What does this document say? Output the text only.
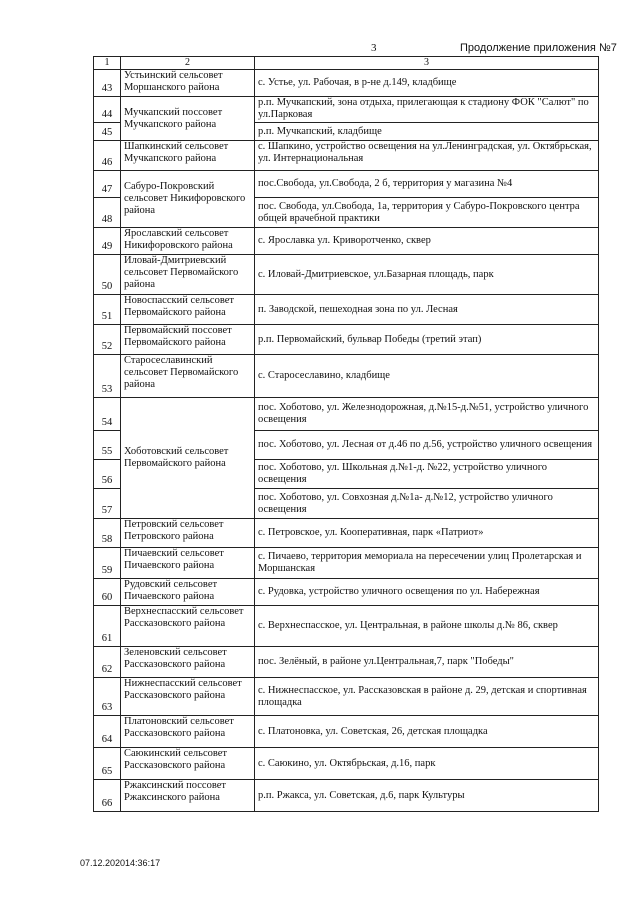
3	Продолжение приложения №7
1	2	3
43	Устьинский сельсовет Моршанского района	с. Устье, ул. Рабочая, в р-не д.149, кладбище
44	Мучкапский поссовет Мучкапского района	р.п. Мучкапский, зона отдыха, прилегающая к стадиону ФОК "Салют" по ул.Парковая
45		р.п. Мучкапский, кладбище
46	Шапкинский сельсовет Мучкапского района	с. Шапкино, устройство освещения на ул.Ленинградская, ул. Октябрьская, ул. Интернациональная
47	Сабуро-Покровский сельсовет Никифоровского района	пос.Свобода, ул.Свобода, 2 б, территория у магазина №4
48		пос. Свобода, ул.Свобода, 1а, территория у Сабуро-Покровского центра общей врачебной практики
49	Ярославский сельсовет Никифоровского района	с. Ярославка ул. Криворотченко, сквер
50	Иловай-Дмитриевский сельсовет Первомайского района	с. Иловай-Дмитриевское, ул.Базарная площадь, парк
51	Новоспасский сельсовет Первомайского района	п. Заводской, пешеходная зона по ул. Лесная
52	Первомайский поссовет Первомайского района	р.п. Первомайский, бульвар Победы (третий этап)
53	Старосеславинский сельсовет Первомайского района	с. Старосеславино, кладбище
54	Хоботовский сельсовет Первомайского района	пос. Хоботово, ул. Железнодорожная, д.№15-д.№51, устройство уличного освещения
55		пос. Хоботово, ул. Лесная от д.46 по д.56, устройство уличного освещения
56		пос. Хоботово, ул. Школьная д.№1-д. №22, устройство уличного освещения
57		пос. Хоботово, ул. Совхозная д.№1а- д.№12, устройство уличного освещения
58	Петровский сельсовет Петровского района	с. Петровское, ул. Кооперативная, парк «Патриот»
59	Пичаевский сельсовет Пичаевского района	с. Пичаево, территория мемориала на пересечении улиц Пролетарская и Моршанская
60	Рудовский сельсовет Пичаевского района	с. Рудовка, устройство уличного освещения по ул. Набережная
61	Верхнеспасский сельсовет Рассказовского района	с. Верхнеспасское, ул. Центральная, в районе школы д.№ 86, сквер
62	Зеленовский сельсовет Рассказовского района	пос. Зелёный, в районе ул.Центральная,7, парк "Победы"
63	Нижнеспасский сельсовет Рассказовского района	с. Нижнеспасское, ул. Рассказовская в районе д. 29, детская и спортивная площадка
64	Платоновский сельсовет Рассказовского района	с. Платоновка, ул. Советская, 26, детская площадка
65	Саюкинский сельсовет Рассказовского района	с. Саюкино, ул. Октябрьская, д.16, парк
66	Ржаксинский поссовет Ржаксинского района	р.п. Ржакса, ул. Советская, д.6, парк Культуры
07.12.202014:36:17
